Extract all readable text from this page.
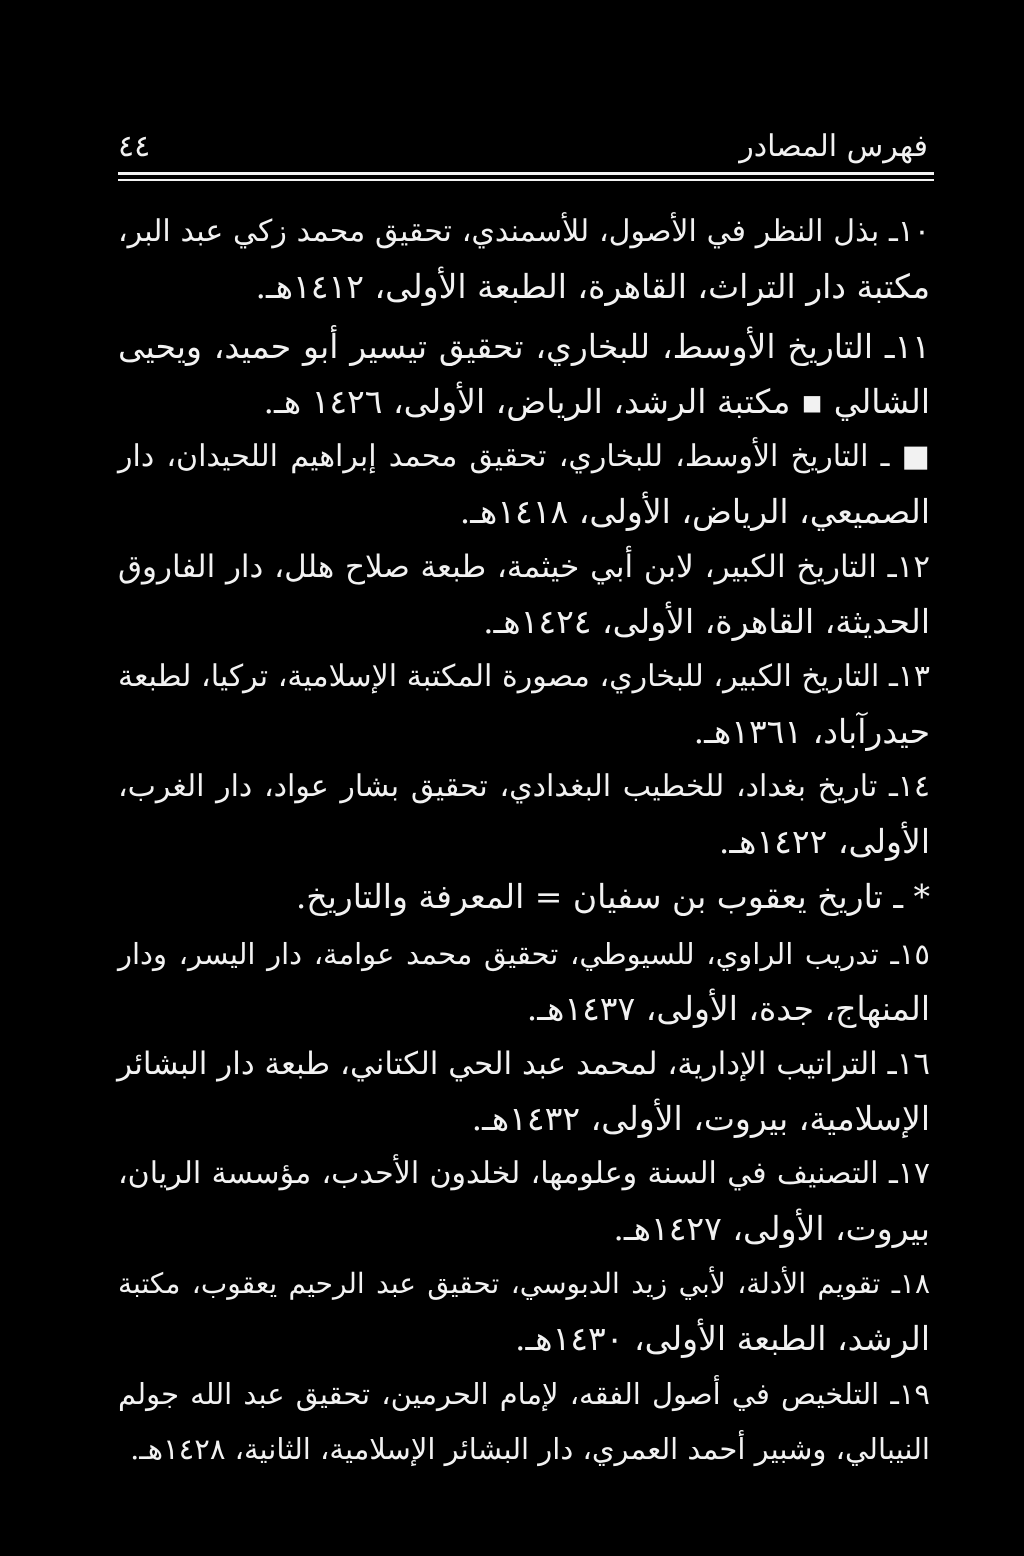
فهرس المصادر
٤٤
١٠ـ بذل النظر في الأصول، للأسمندي، تحقيق محمد زكي عبد البر،
مكتبة دار التراث، القاهرة، الطبعة الأولى، ١٤١٢هـ.
١١ـ التاريخ الأوسط، للبخاري، تحقيق تيسير أبو حميد، ويحيى
الشالي ▪ مكتبة الرشد، الرياض، الأولى، ١٤٢٦ هـ.
■ ـ التاريخ الأوسط، للبخاري، تحقيق محمد إبراهيم اللحيدان، دار
الصميعي، الرياض، الأولى، ١٤١٨هـ.
١٢ـ التاريخ الكبير، لابن أبي خيثمة، طبعة صلاح هلل، دار الفاروق
الحديثة، القاهرة، الأولى، ١٤٢٤هـ.
١٣ـ التاريخ الكبير، للبخاري، مصورة المكتبة الإسلامية، تركيا، لطبعة
حيدرآباد، ١٣٦١هـ.
١٤ـ تاريخ بغداد، للخطيب البغدادي، تحقيق بشار عواد، دار الغرب،
الأولى، ١٤٢٢هـ.
* ـ تاريخ يعقوب بن سفيان = المعرفة والتاريخ.
١٥ـ تدريب الراوي، للسيوطي، تحقيق محمد عوامة، دار اليسر، ودار
المنهاج، جدة، الأولى، ١٤٣٧هـ.
١٦ـ التراتيب الإدارية، لمحمد عبد الحي الكتاني، طبعة دار البشائر
الإسلامية، بيروت، الأولى، ١٤٣٢هـ.
١٧ـ التصنيف في السنة وعلومها، لخلدون الأحدب، مؤسسة الريان،
بيروت، الأولى، ١٤٢٧هـ.
١٨ـ تقويم الأدلة، لأبي زيد الدبوسي، تحقيق عبد الرحيم يعقوب، مكتبة
الرشد، الطبعة الأولى، ١٤٣٠هـ.
١٩ـ التلخيص في أصول الفقه، لإمام الحرمين، تحقيق عبد الله جولم
النيبالي، وشبير أحمد العمري، دار البشائر الإسلامية، الثانية، ١٤٢٨هـ.
